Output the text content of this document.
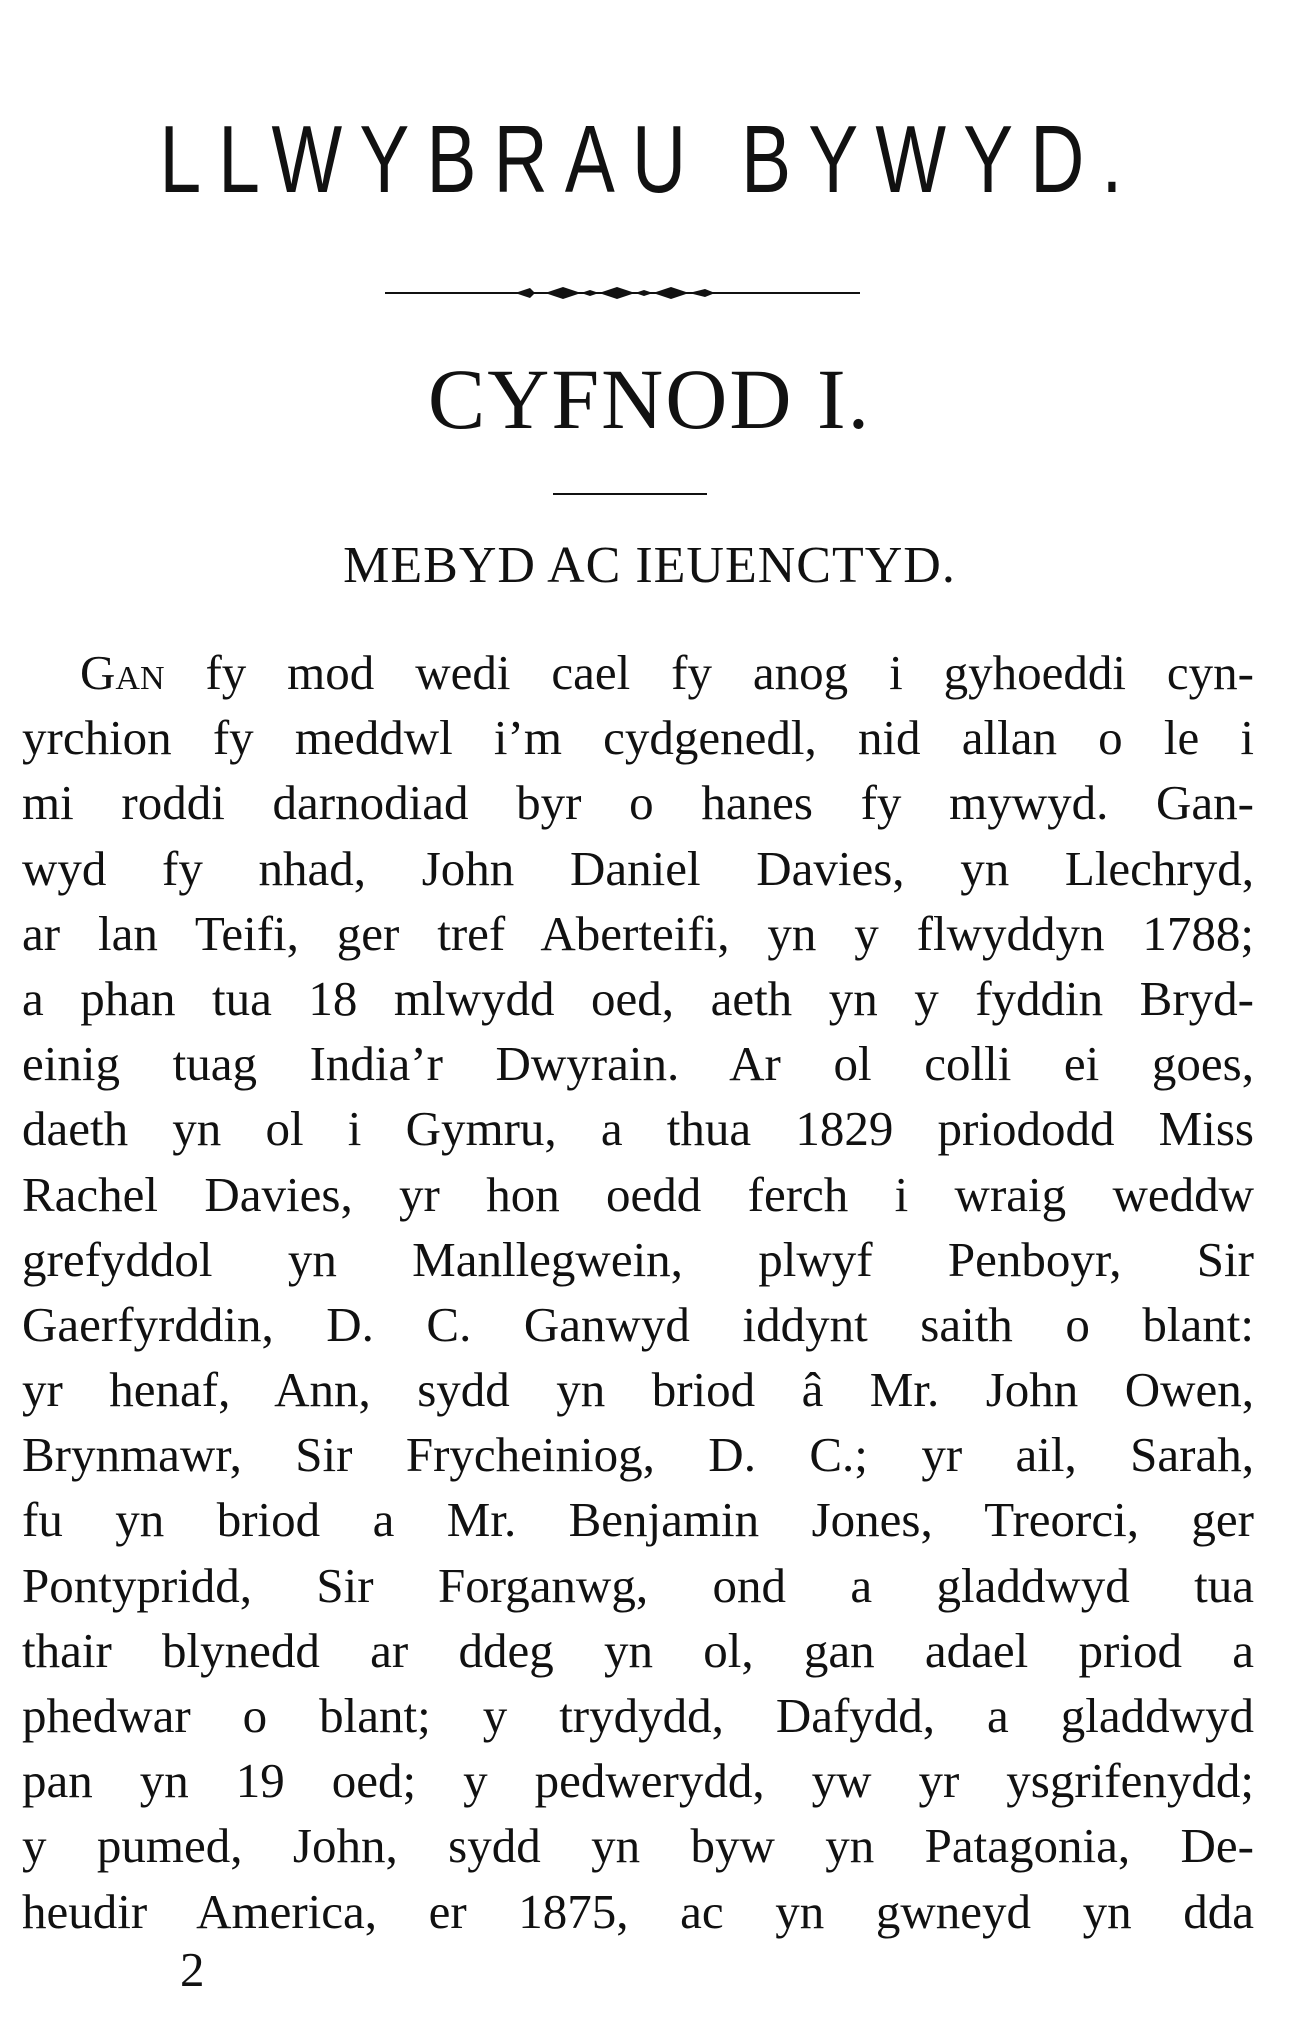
LLWYBRAU BYWYD.
CYFNOD I.
MEBYD AC IEUENCTYD.
Gan fy mod wedi cael fy anog i gyhoeddi cyn-
yrchion fy meddwl i’m cydgenedl, nid allan o le i
mi roddi darnodiad byr o hanes fy mywyd. Gan-
wyd fy nhad, John Daniel Davies, yn Llechryd,
ar lan Teifi, ger tref Aberteifi, yn y flwyddyn 1788;
a phan tua 18 mlwydd oed, aeth yn y fyddin Bryd-
einig tuag India’r Dwyrain. Ar ol colli ei goes,
daeth yn ol i Gymru, a thua 1829 priododd Miss
Rachel Davies, yr hon oedd ferch i wraig weddw
grefyddol yn Manllegwein, plwyf Penboyr, Sir
Gaerfyrddin, D. C. Ganwyd iddynt saith o blant:
yr henaf, Ann, sydd yn briod â Mr. John Owen,
Brynmawr, Sir Frycheiniog, D. C.; yr ail, Sarah,
fu yn briod a Mr. Benjamin Jones, Treorci, ger
Pontypridd, Sir Forganwg, ond a gladdwyd tua
thair blynedd ar ddeg yn ol, gan adael priod a
phedwar o blant; y trydydd, Dafydd, a gladdwyd
pan yn 19 oed; y pedwerydd, yw yr ysgrifenydd;
y pumed, John, sydd yn byw yn Patagonia, De-
heudir America, er 1875, ac yn gwneyd yn dda
2
